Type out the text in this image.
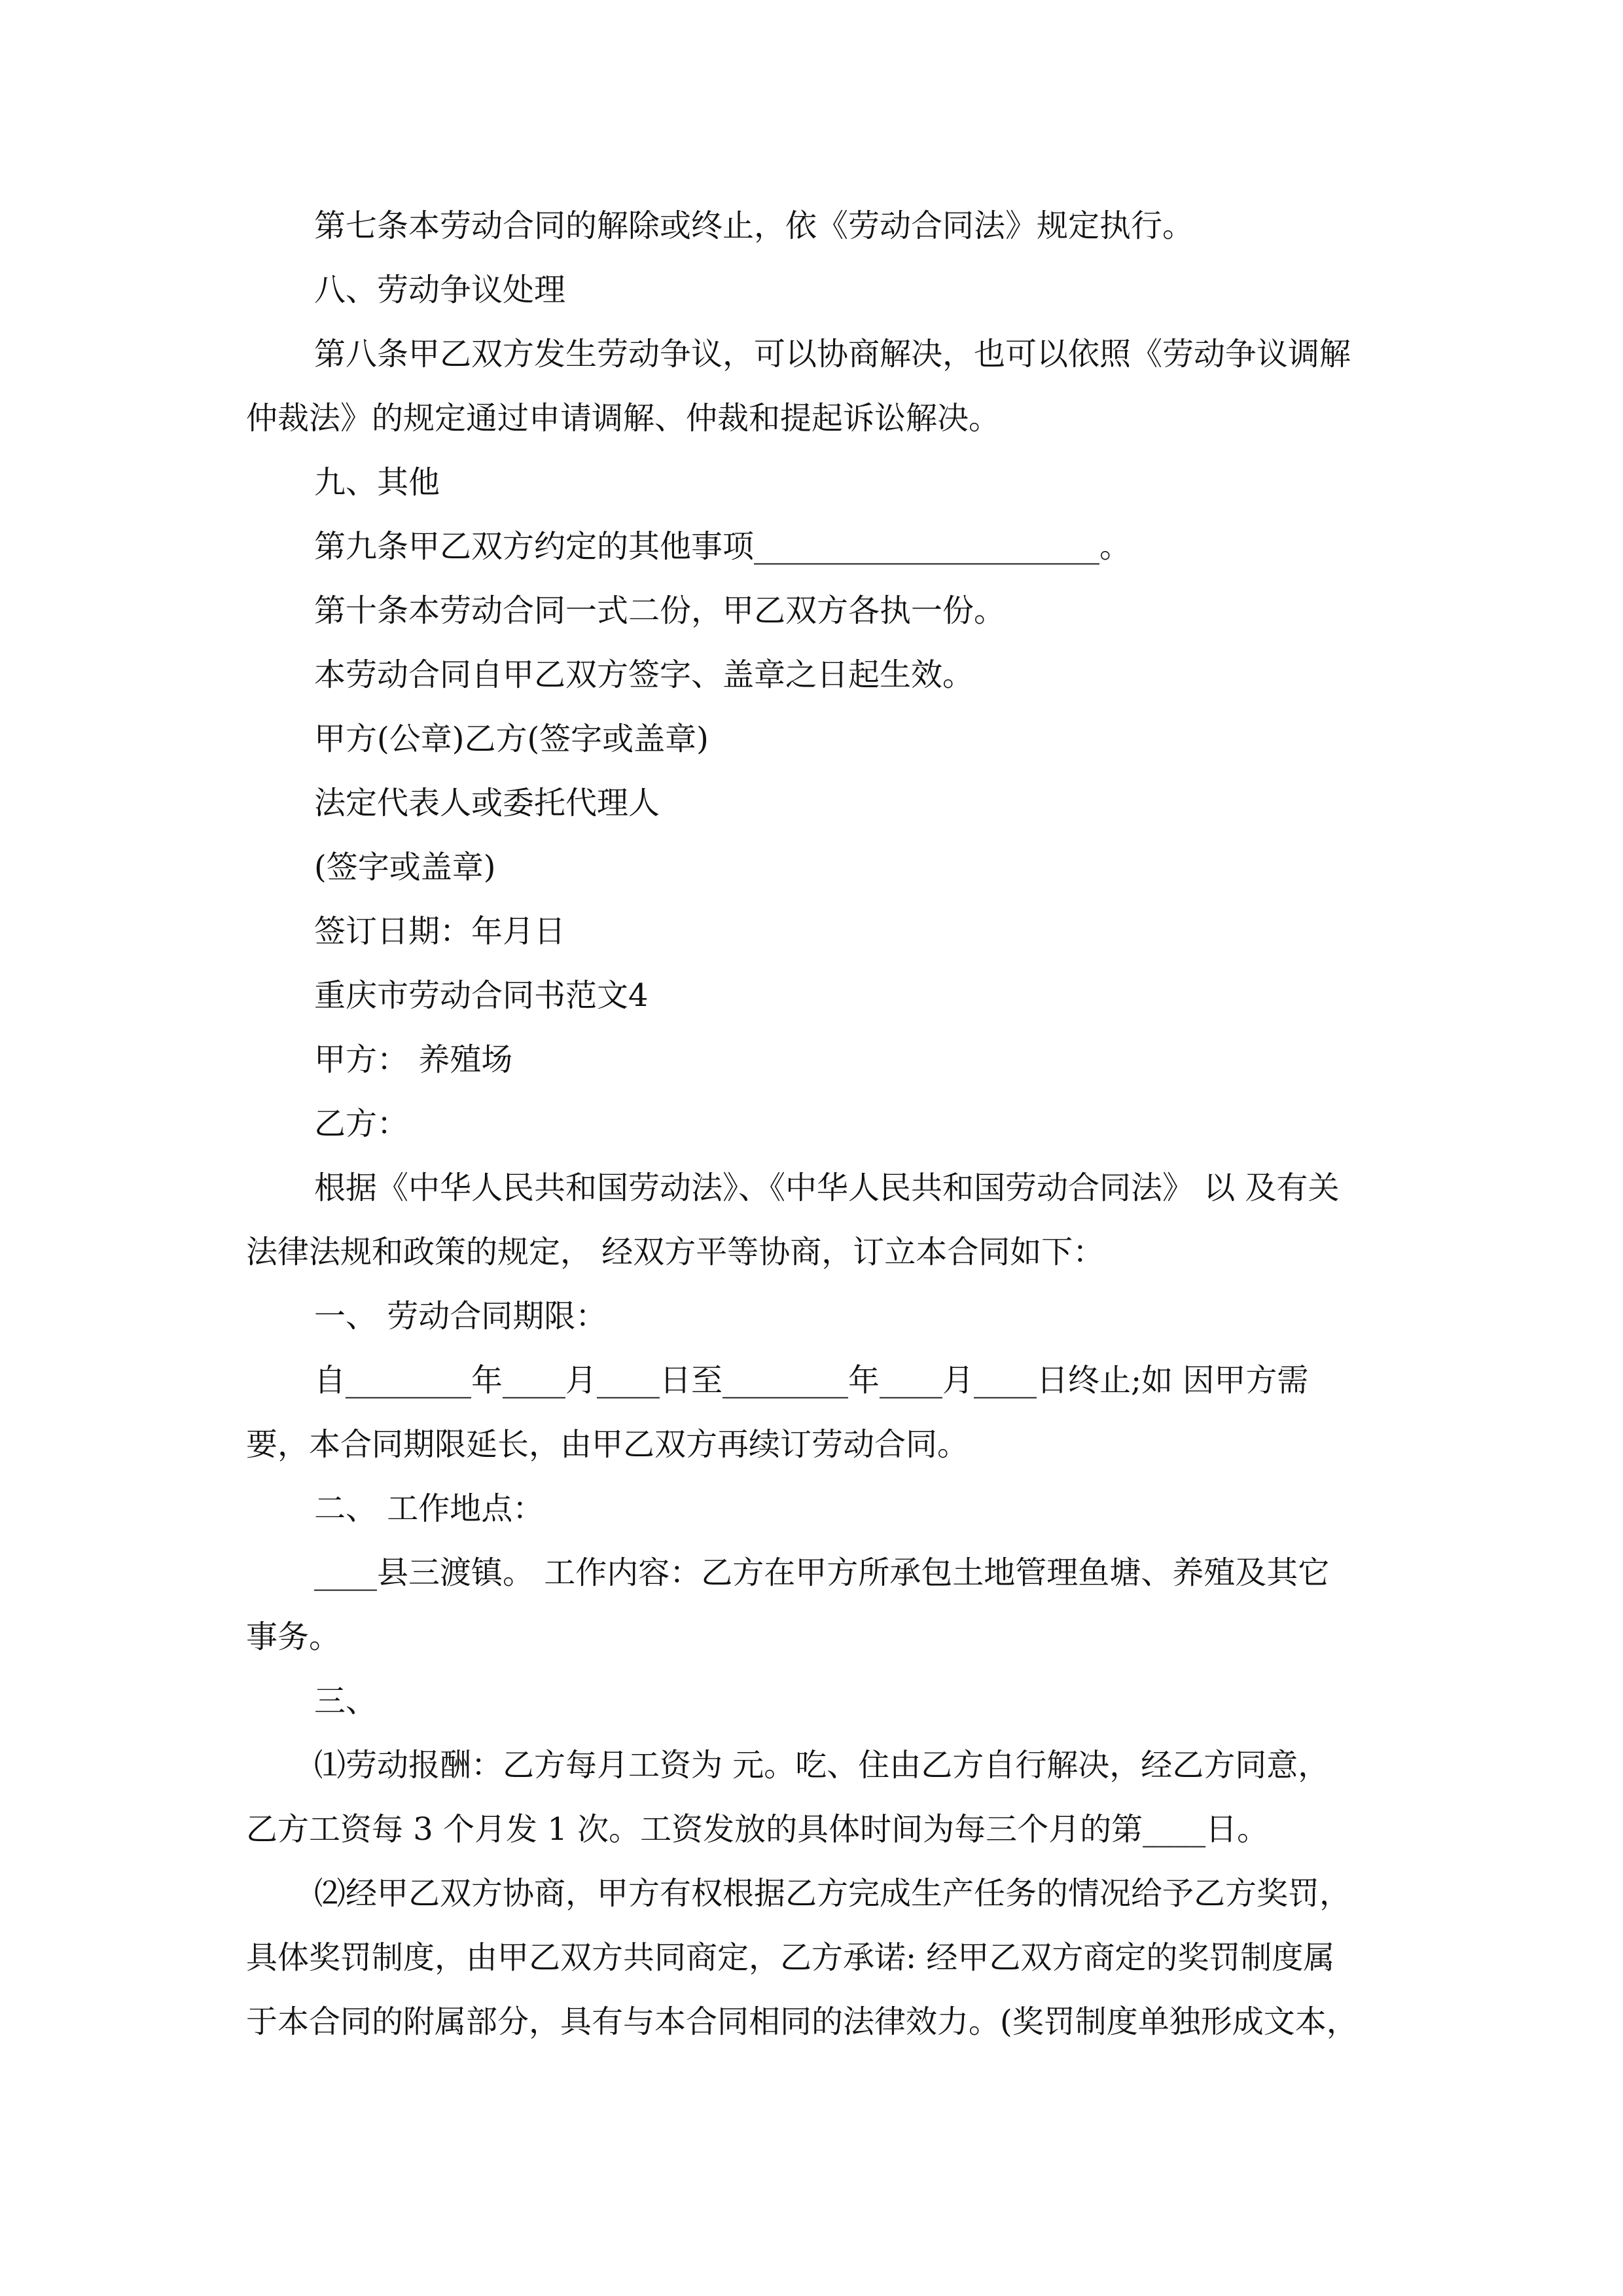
第七条本劳动合同的解除或终止，依《劳动合同法》规定执行。
八、劳动争议处理
第八条甲乙双方发生劳动争议，可以协商解决，也可以依照《劳动争议调解
仲裁法》的规定通过申请调解、仲裁和提起诉讼解决。
九、其他
第九条甲乙双方约定的其他事项______________________。
第十条本劳动合同一式二份，甲乙双方各执一份。
本劳动合同自甲乙双方签字、盖章之日起生效。
甲方(公章)乙方(签字或盖章)
法定代表人或委托代理人
(签字或盖章)
签订日期：年月日
重庆市劳动合同书范文4
甲方： 养殖场
乙方：
根据《中华人民共和国劳动法》、《中华人民共和国劳动合同法》 以 及有关
法律法规和政策的规定， 经双方平等协商，订立本合同如下：
一、 劳动合同期限：
自________年____月____日至________年____月____日终止;如 因甲方需
要，本合同期限延长，由甲乙双方再续订劳动合同。
二、 工作地点：
____县三渡镇。 工作内容：乙方在甲方所承包土地管理鱼塘、养殖及其它
事务。
三、
⑴劳动报酬：乙方每月工资为 元。吃、住由乙方自行解决，经乙方同意，
乙方工资每 3 个月发 1 次。工资发放的具体时间为每三个月的第____日。
⑵经甲乙双方协商，甲方有权根据乙方完成生产任务的情况给予乙方奖罚，
具体奖罚制度，由甲乙双方共同商定，乙方承诺: 经甲乙双方商定的奖罚制度属
于本合同的附属部分，具有与本合同相同的法律效力。(奖罚制度单独形成文本，
